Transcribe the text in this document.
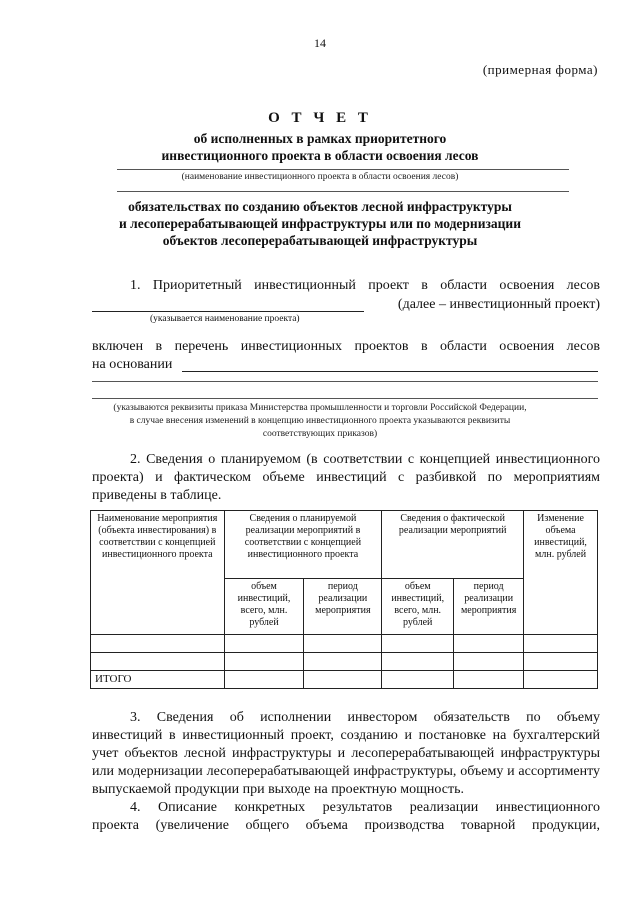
14
(примерная форма)
О Т Ч Е Т
об исполненных в рамках приоритетного
инвестиционного проекта в области освоения лесов
(наименование инвестиционного проекта в области освоения лесов)
обязательствах по созданию объектов лесной инфраструктуры
и лесоперерабатывающей инфраструктуры или по модернизации
объектов лесоперерабатывающей инфраструктуры
1. Приоритетный инвестиционный проект в области освоения лесов
(далее – инвестиционный проект)
(указывается наименование проекта)
включен в перечень инвестиционных проектов в области освоения лесов
на основании
(указываются реквизиты приказа Министерства промышленности и торговли Российской Федерации,
в случае внесения изменений в концепцию инвестиционного проекта указываются реквизиты
соответствующих приказов)
2. Сведения о планируемом (в соответствии с концепцией инвестиционного
проекта) и фактическом объеме инвестиций с разбивкой по мероприятиям
приведены в таблице.
Наименование мероприятия (объекта инвестирования) в соответствии с концепцией инвестиционного проекта	Сведения о планируемой реализации мероприятий в соответствии с концепцией инвестиционного проекта		Сведения о фактической реализации мероприятий		Изменение объема инвестиций, млн. рублей
	объем инвестиций, всего, млн. рублей	период реализации мероприятия	объем инвестиций, всего, млн. рублей	период реализации мероприятия	

ИТОГО					
3. Сведения об исполнении инвестором обязательств по объему
инвестиций в инвестиционный проект, созданию и постановке на бухгалтерский
учет объектов лесной инфраструктуры и лесоперерабатывающей инфраструктуры
или модернизации лесоперерабатывающей инфраструктуры, объему и ассортименту
выпускаемой продукции при выходе на проектную мощность.
4. Описание конкретных результатов реализации инвестиционного
проекта (увеличение общего объема производства товарной продукции,
